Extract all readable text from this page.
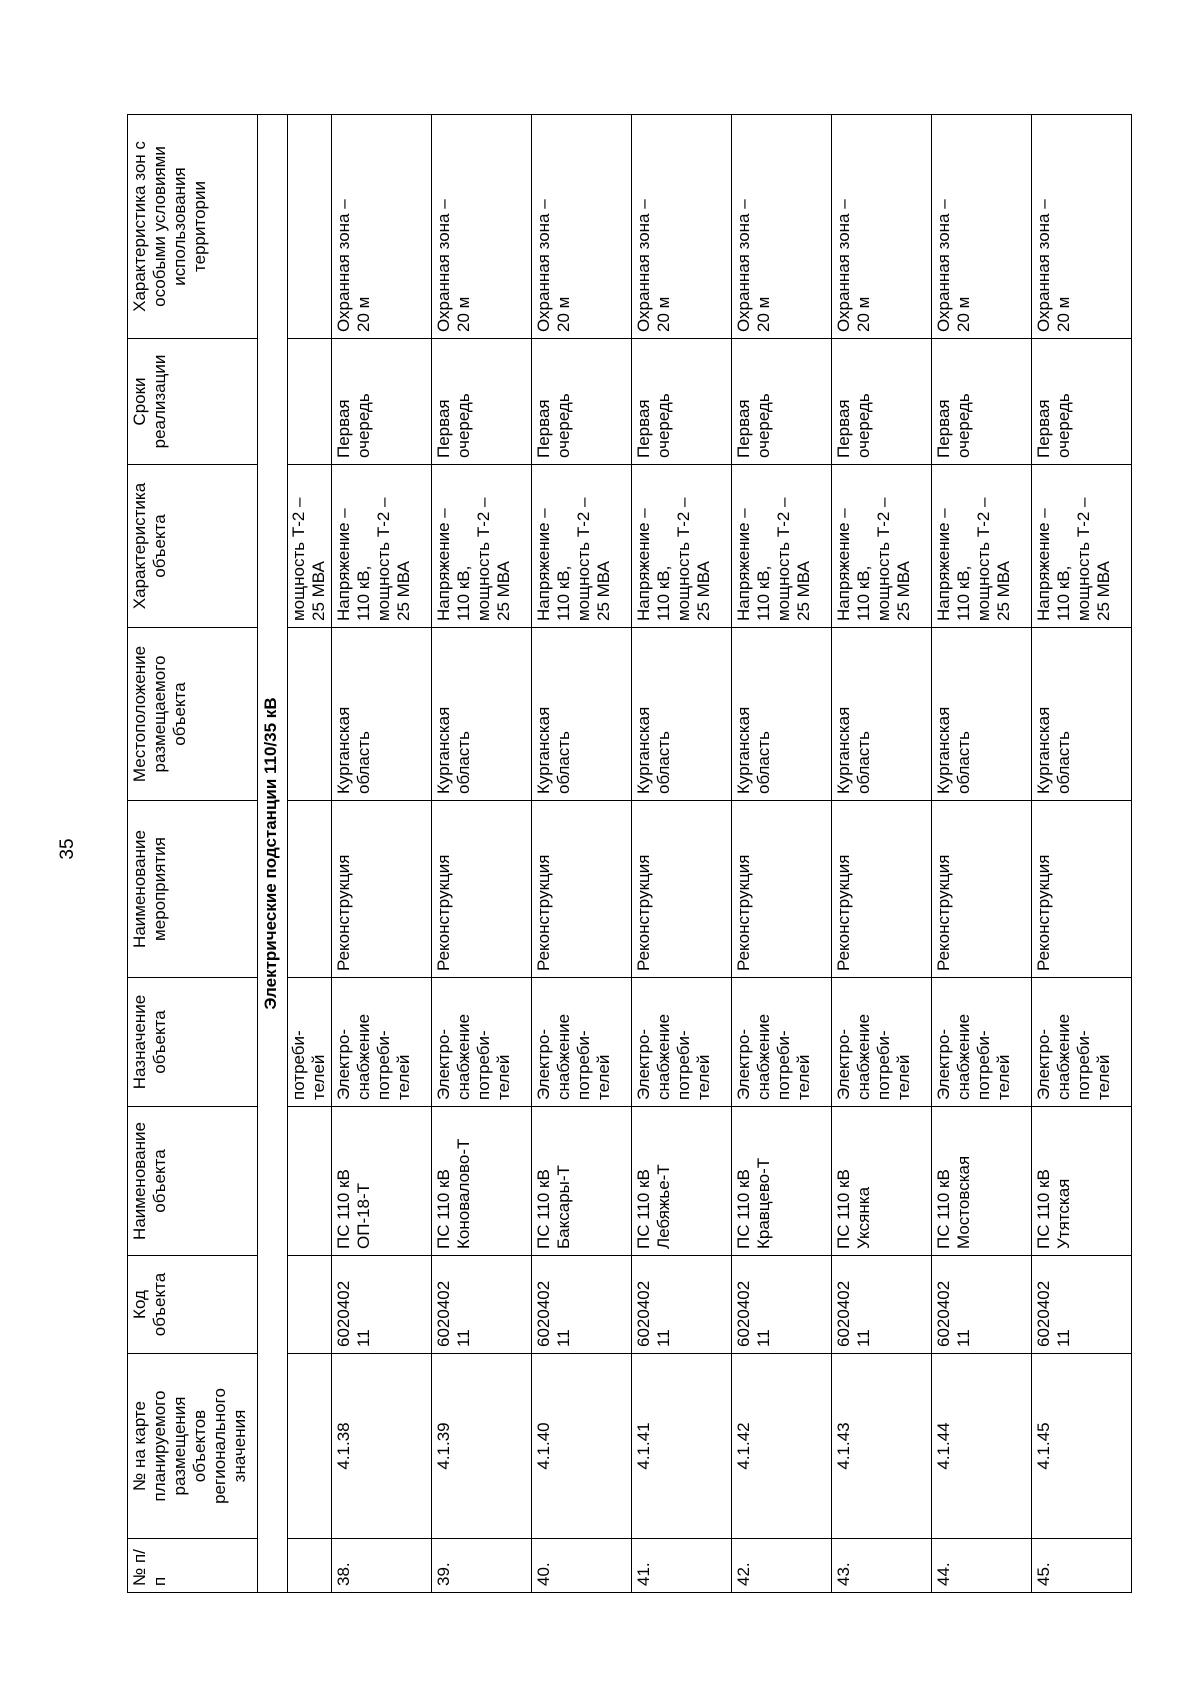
35
№ п/п	№ на карте планируемого размещения объектов регионального значения	Код объекта	Наименование объекта	Назначение объекта	Наименование мероприятия	Местоположение размещаемого объекта	Характеристика объекта	Сроки реализации	Характеристика зон с особыми условиями использования территории
Электрические подстанции 110/35 кВ									
				потреби-
телей			мощность Т-2 –
25 МВА		
38.	4.1.38	6020402
11	ПС 110 кВ
ОП-18-Т	Электро-
снабжение
потреби-
телей	Реконструкция	Курганская
область	Напряжение –
110 кВ,
мощность Т-2 –
25 МВА	Первая
очередь	Охранная зона –
20 м
39.	4.1.39	6020402
11	ПС 110 кВ
Коновалово-Т	Электро-
снабжение
потреби-
телей	Реконструкция	Курганская
область	Напряжение –
110 кВ,
мощность Т-2 –
25 МВА	Первая
очередь	Охранная зона –
20 м
40.	4.1.40	6020402
11	ПС 110 кВ
Баксары-Т	Электро-
снабжение
потреби-
телей	Реконструкция	Курганская
область	Напряжение –
110 кВ,
мощность Т-2 –
25 МВА	Первая
очередь	Охранная зона –
20 м
41.	4.1.41	6020402
11	ПС 110 кВ
Лебяжье-Т	Электро-
снабжение
потреби-
телей	Реконструкция	Курганская
область	Напряжение –
110 кВ,
мощность Т-2 –
25 МВА	Первая
очередь	Охранная зона –
20 м
42.	4.1.42	6020402
11	ПС 110 кВ
Кравцево-Т	Электро-
снабжение
потреби-
телей	Реконструкция	Курганская
область	Напряжение –
110 кВ,
мощность Т-2 –
25 МВА	Первая
очередь	Охранная зона –
20 м
43.	4.1.43	6020402
11	ПС 110 кВ
Уксянка	Электро-
снабжение
потреби-
телей	Реконструкция	Курганская
область	Напряжение –
110 кВ,
мощность Т-2 –
25 МВА	Первая
очередь	Охранная зона –
20 м
44.	4.1.44	6020402
11	ПС 110 кВ
Мостовская	Электро-
снабжение
потреби-
телей	Реконструкция	Курганская
область	Напряжение –
110 кВ,
мощность Т-2 –
25 МВА	Первая
очередь	Охранная зона –
20 м
45.	4.1.45	6020402
11	ПС 110 кВ
Утятская	Электро-
снабжение
потреби-
телей	Реконструкция	Курганская
область	Напряжение –
110 кВ,
мощность Т-2 –
25 МВА	Первая
очередь	Охранная зона –
20 м
